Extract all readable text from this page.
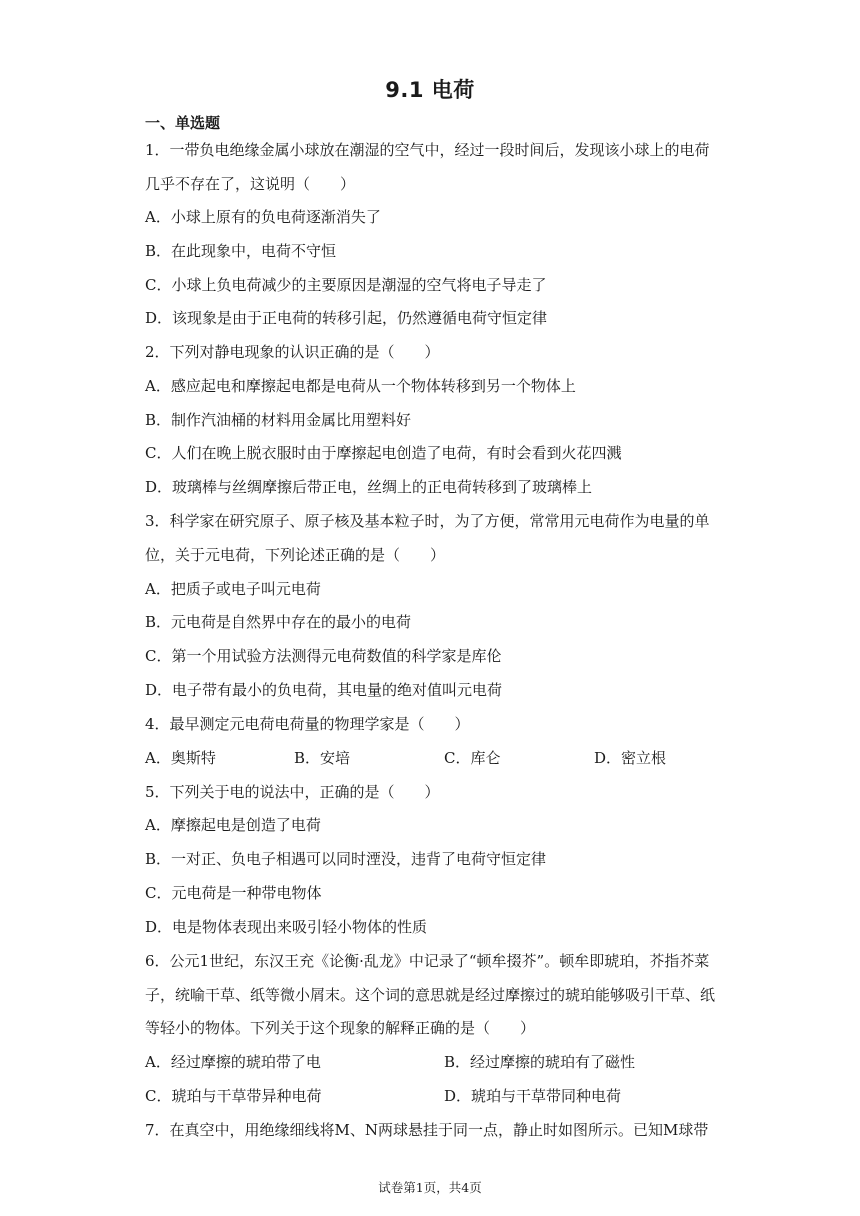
9.1 电荷
一、单选题
1．一带负电绝缘金属小球放在潮湿的空气中，经过一段时间后，发现该小球上的电荷
几乎不存在了，这说明（　　）
A．小球上原有的负电荷逐渐消失了
B．在此现象中，电荷不守恒
C．小球上负电荷减少的主要原因是潮湿的空气将电子导走了
D．该现象是由于正电荷的转移引起，仍然遵循电荷守恒定律
2．下列对静电现象的认识正确的是（　　）
A．感应起电和摩擦起电都是电荷从一个物体转移到另一个物体上
B．制作汽油桶的材料用金属比用塑料好
C．人们在晚上脱衣服时由于摩擦起电创造了电荷，有时会看到火花四溅
D．玻璃棒与丝绸摩擦后带正电，丝绸上的正电荷转移到了玻璃棒上
3．科学家在研究原子、原子核及基本粒子时，为了方便，常常用元电荷作为电量的单
位，关于元电荷，下列论述正确的是（　　）
A．把质子或电子叫元电荷
B．元电荷是自然界中存在的最小的电荷
C．第一个用试验方法测得元电荷数值的科学家是库伦
D．电子带有最小的负电荷，其电量的绝对值叫元电荷
4．最早测定元电荷电荷量的物理学家是（　　）
A．奥斯特	B．安培	C．库仑	D．密立根
5．下列关于电的说法中，正确的是（　　）
A．摩擦起电是创造了电荷
B．一对正、负电子相遇可以同时湮没，违背了电荷守恒定律
C．元电荷是一种带电物体
D．电是物体表现出来吸引轻小物体的性质
6．公元1世纪，东汉王充《论衡·乱龙》中记录了“顿牟掇芥”。顿牟即琥珀，芥指芥菜
子，统喻干草、纸等微小屑末。这个词的意思就是经过摩擦过的琥珀能够吸引干草、纸
等轻小的物体。下列关于这个现象的解释正确的是（　　）
A．经过摩擦的琥珀带了电	B．经过摩擦的琥珀有了磁性
C．琥珀与干草带异种电荷	D．琥珀与干草带同种电荷
7．在真空中，用绝缘细线将M、N两球悬挂于同一点，静止时如图所示。已知M球带
试卷第1页，共4页
